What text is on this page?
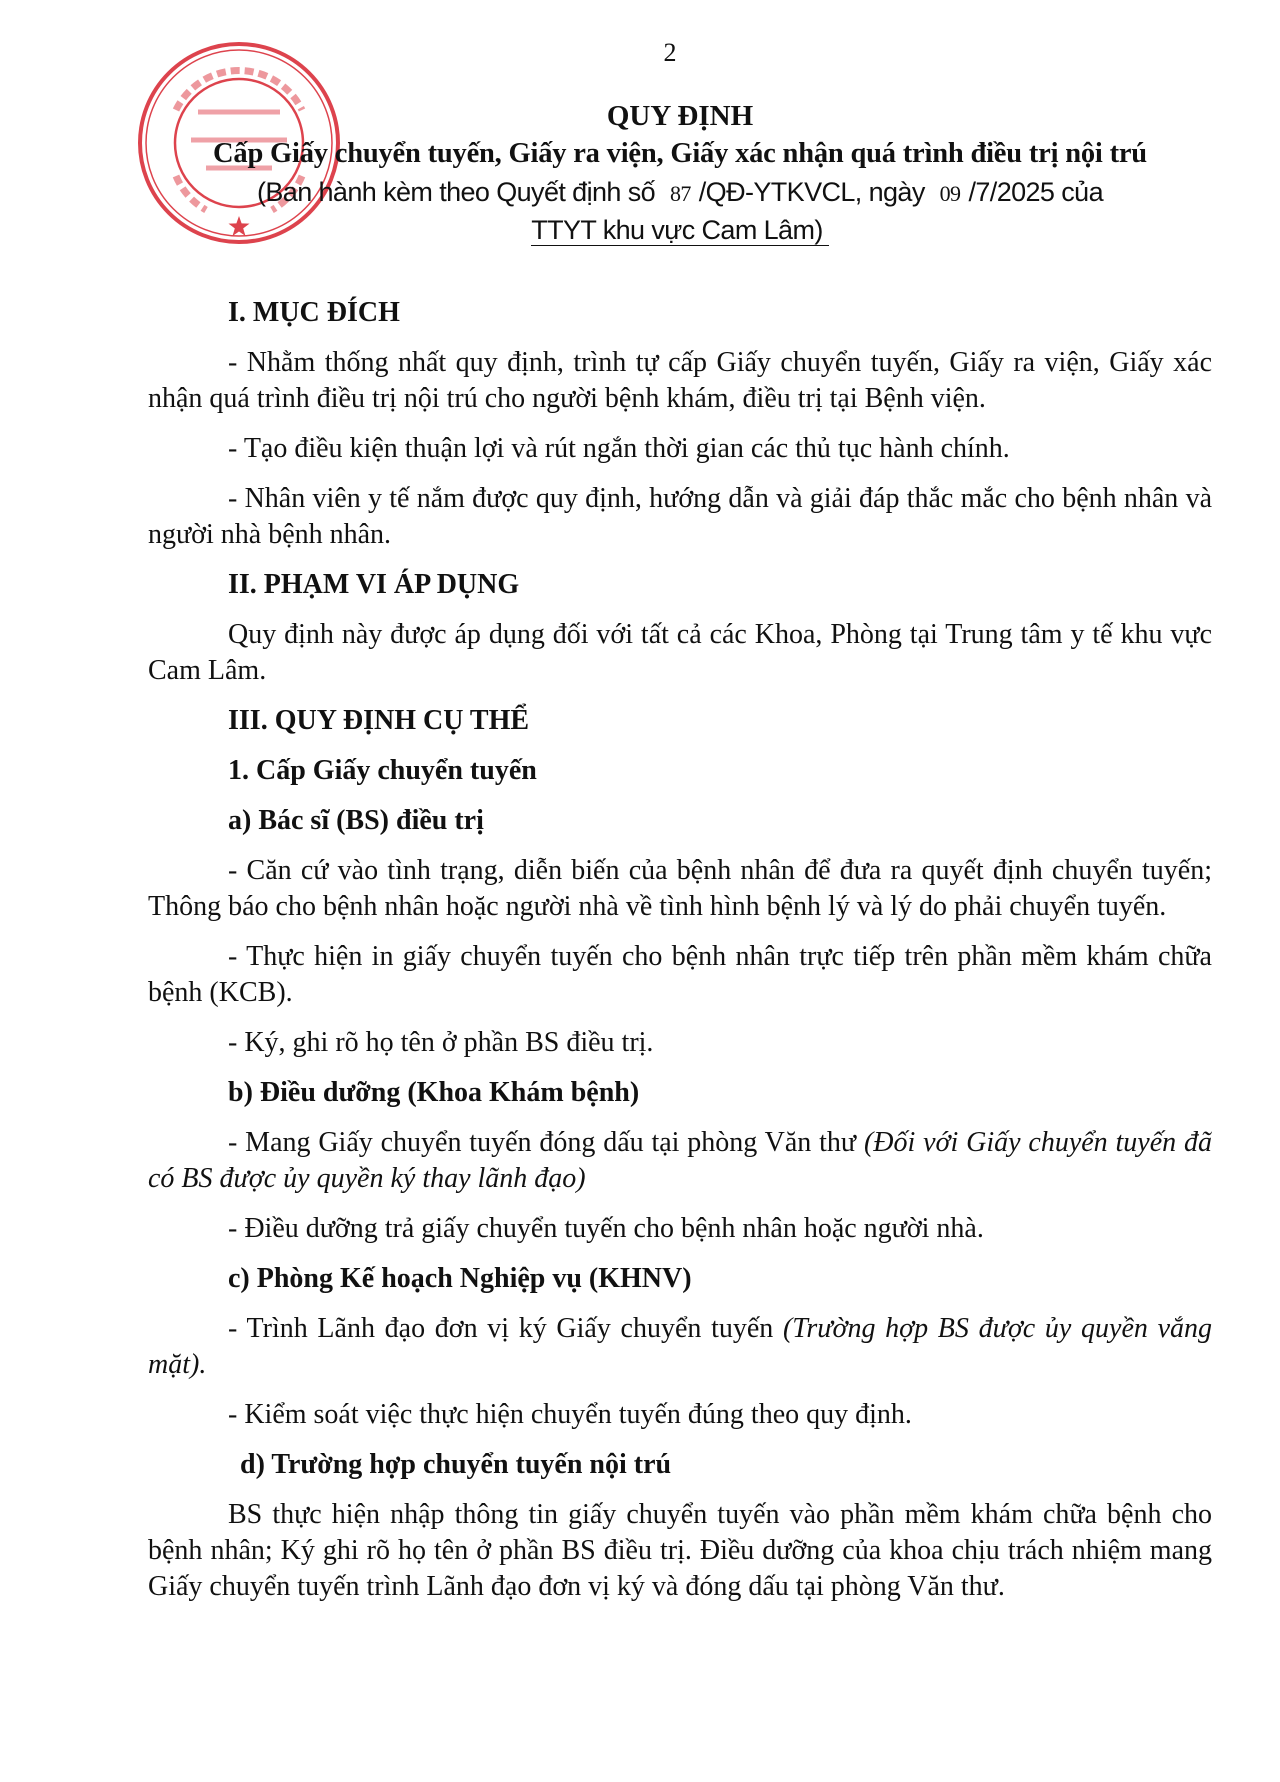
2
QUY ĐỊNH
Cấp Giấy chuyển tuyến, Giấy ra viện, Giấy xác nhận quá trình điều trị nội trú
(Ban hành kèm theo Quyết định số 87 /QĐ-YTKVCL, ngày 09 /7/2025 của
TTYT khu vực Cam Lâm)

I. MỤC ĐÍCH

- Nhằm thống nhất quy định, trình tự cấp Giấy chuyển tuyến, Giấy ra viện, Giấy xác nhận quá trình điều trị nội trú cho người bệnh khám, điều trị tại Bệnh viện.

- Tạo điều kiện thuận lợi và rút ngắn thời gian các thủ tục hành chính.

- Nhân viên y tế nắm được quy định, hướng dẫn và giải đáp thắc mắc cho bệnh nhân và người nhà bệnh nhân.

II. PHẠM VI ÁP DỤNG

Quy định này được áp dụng đối với tất cả các Khoa, Phòng tại Trung tâm y tế khu vực Cam Lâm.

III. QUY ĐỊNH CỤ THỂ

1. Cấp Giấy chuyển tuyến

a) Bác sĩ (BS) điều trị

- Căn cứ vào tình trạng, diễn biến của bệnh nhân để đưa ra quyết định chuyển tuyến; Thông báo cho bệnh nhân hoặc người nhà về tình hình bệnh lý và lý do phải chuyển tuyến.

- Thực hiện in giấy chuyển tuyến cho bệnh nhân trực tiếp trên phần mềm khám chữa bệnh (KCB).

- Ký, ghi rõ họ tên ở phần BS điều trị.

b) Điều dưỡng (Khoa Khám bệnh)

- Mang Giấy chuyển tuyến đóng dấu tại phòng Văn thư (Đối với Giấy chuyển tuyến đã có BS được ủy quyền ký thay lãnh đạo)

- Điều dưỡng trả giấy chuyển tuyến cho bệnh nhân hoặc người nhà.

c) Phòng Kế hoạch Nghiệp vụ (KHNV)

- Trình Lãnh đạo đơn vị ký Giấy chuyển tuyến (Trường hợp BS được ủy quyền vắng mặt).

- Kiểm soát việc thực hiện chuyển tuyến đúng theo quy định.

d) Trường hợp chuyển tuyến nội trú

BS thực hiện nhập thông tin giấy chuyển tuyến vào phần mềm khám chữa bệnh cho bệnh nhân; Ký ghi rõ họ tên ở phần BS điều trị. Điều dưỡng của khoa chịu trách nhiệm mang Giấy chuyển tuyến trình Lãnh đạo đơn vị ký và đóng dấu tại phòng Văn thư.
